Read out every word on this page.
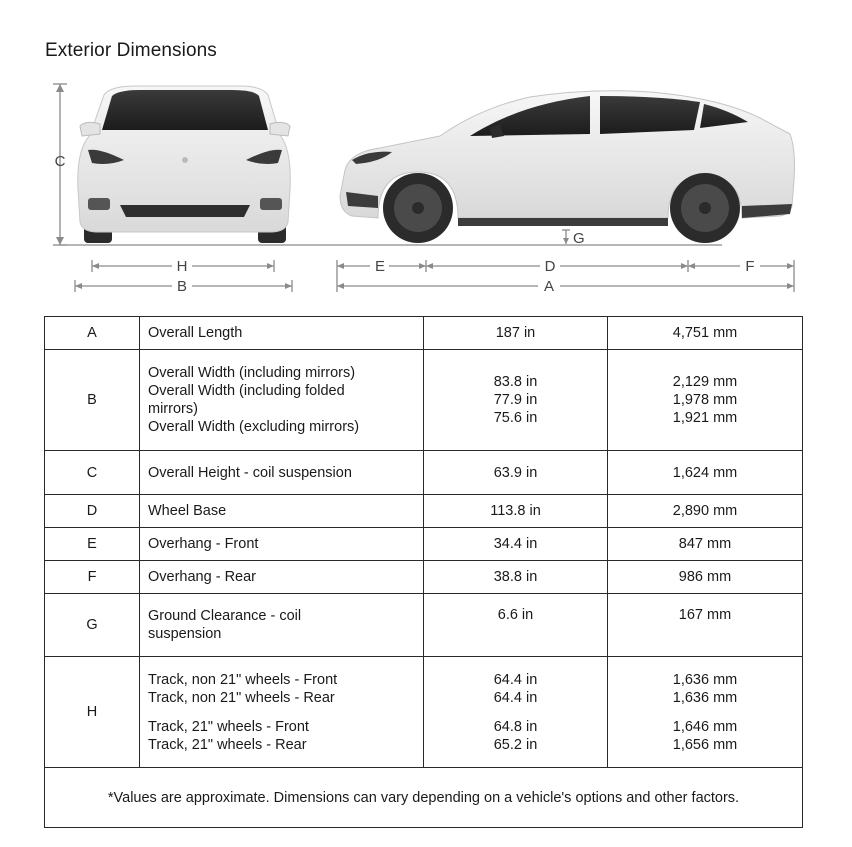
Exterior Dimensions
C
H
B
E	D	F
A
G
A	Overall Length	187 in	4,751 mm

B	Overall Width (including mirrors)
Overall Width (including folded
mirrors)
Overall Width (excluding mirrors)	83.8 in
77.9 in
75.6 in	2,129 mm
1,978 mm
1,921 mm

C	Overall Height - coil suspension	63.9 in	1,624 mm

D	Wheel Base	113.8 in	2,890 mm

E	Overhang - Front	34.4 in	847 mm

F	Overhang - Rear	38.8 in	986 mm

G	Ground Clearance - coil
suspension	6.6 in	167 mm

H	Track, non 21" wheels - Front
Track, non 21" wheels - Rear
Track, 21" wheels - Front
Track, 21" wheels - Rear	64.4 in
64.4 in
64.8 in
65.2 in	1,636 mm
1,636 mm
1,646 mm
1,656 mm

*Values are approximate. Dimensions can vary depending on a vehicle's options and other factors.			
